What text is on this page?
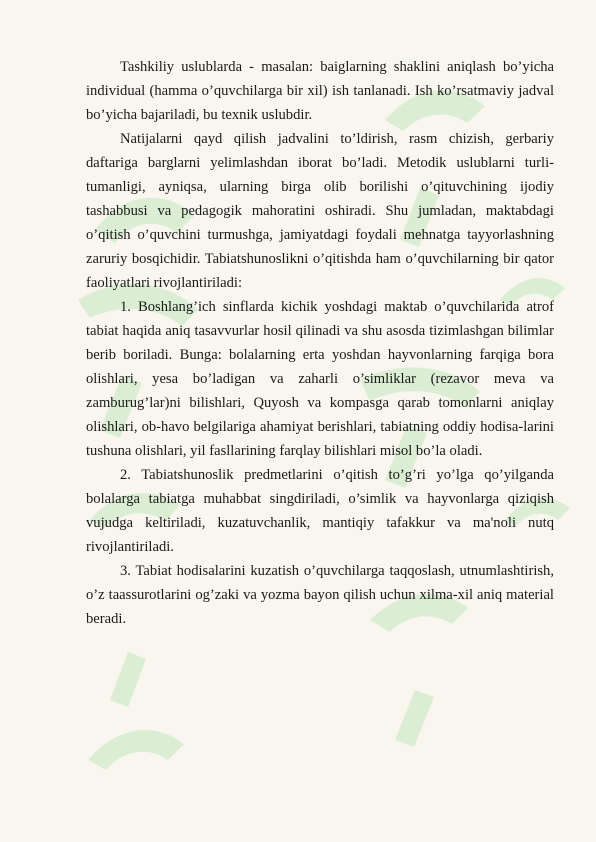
Tashkiliy uslublarda - masalan: baiglarning shaklini aniqlash bo’yicha individual (hamma o’quvchilarga bir xil) ish tanlanadi. Ish ko’rsatmaviy jadval bo’yicha bajariladi, bu texnik uslubdir.

Natijalarni qayd qilish jadvalini to’ldirish, rasm chizish, gerbariy daftariga barglarni yelimlashdan iborat bo’ladi. Metodik uslublarni turli-tumanligi, ayniqsa, ularning birga olib borilishi o’qituvchining ijodiy tashabbusi va pedagogik mahoratini oshiradi. Shu jumladan, maktabdagi o’qitish o’quvchini turmushga, jamiyatdagi foydali mehnatga tayyorlashning zaruriy bosqichidir. Tabiatshunoslikni o’qitishda ham o’quvchilarning bir qator faoliyatlari rivojlantiriladi:

1. Boshlang’ich sinflarda kichik yoshdagi maktab o’quvchilarida atrof tabiat haqida aniq tasavvurlar hosil qilinadi va shu asosda tizimlashgan bilimlar berib boriladi. Bunga: bolalarning erta yoshdan hayvonlarning farqiga bora olishlari, yesa bo’ladigan va zaharli o’simliklar (rezavor meva va zamburug’lar)ni bilishlari, Quyosh va kompasga qarab tomonlarni aniqlay olishlari, ob-havo belgilariga ahamiyat berishlari, tabiatning oddiy hodisa-larini tushuna olishlari, yil fasllarining farqlay bilishlari misol bo’la oladi.

2. Tabiatshunoslik predmetlarini o’qitish to’g’ri yo’lga qo’yilganda bolalarga tabiatga muhabbat singdiriladi, o’simlik va hayvonlarga qiziqish vujudga keltiriladi, kuzatuvchanlik, mantiqiy tafakkur va ma'noli nutq rivojlantiriladi.

3. Tabiat hodisalarini kuzatish o’quvchilarga taqqoslash, utnumlashtirish, o’z taassurotlarini og’zaki va yozma bayon qilish uchun xilma-xil aniq material beradi.
